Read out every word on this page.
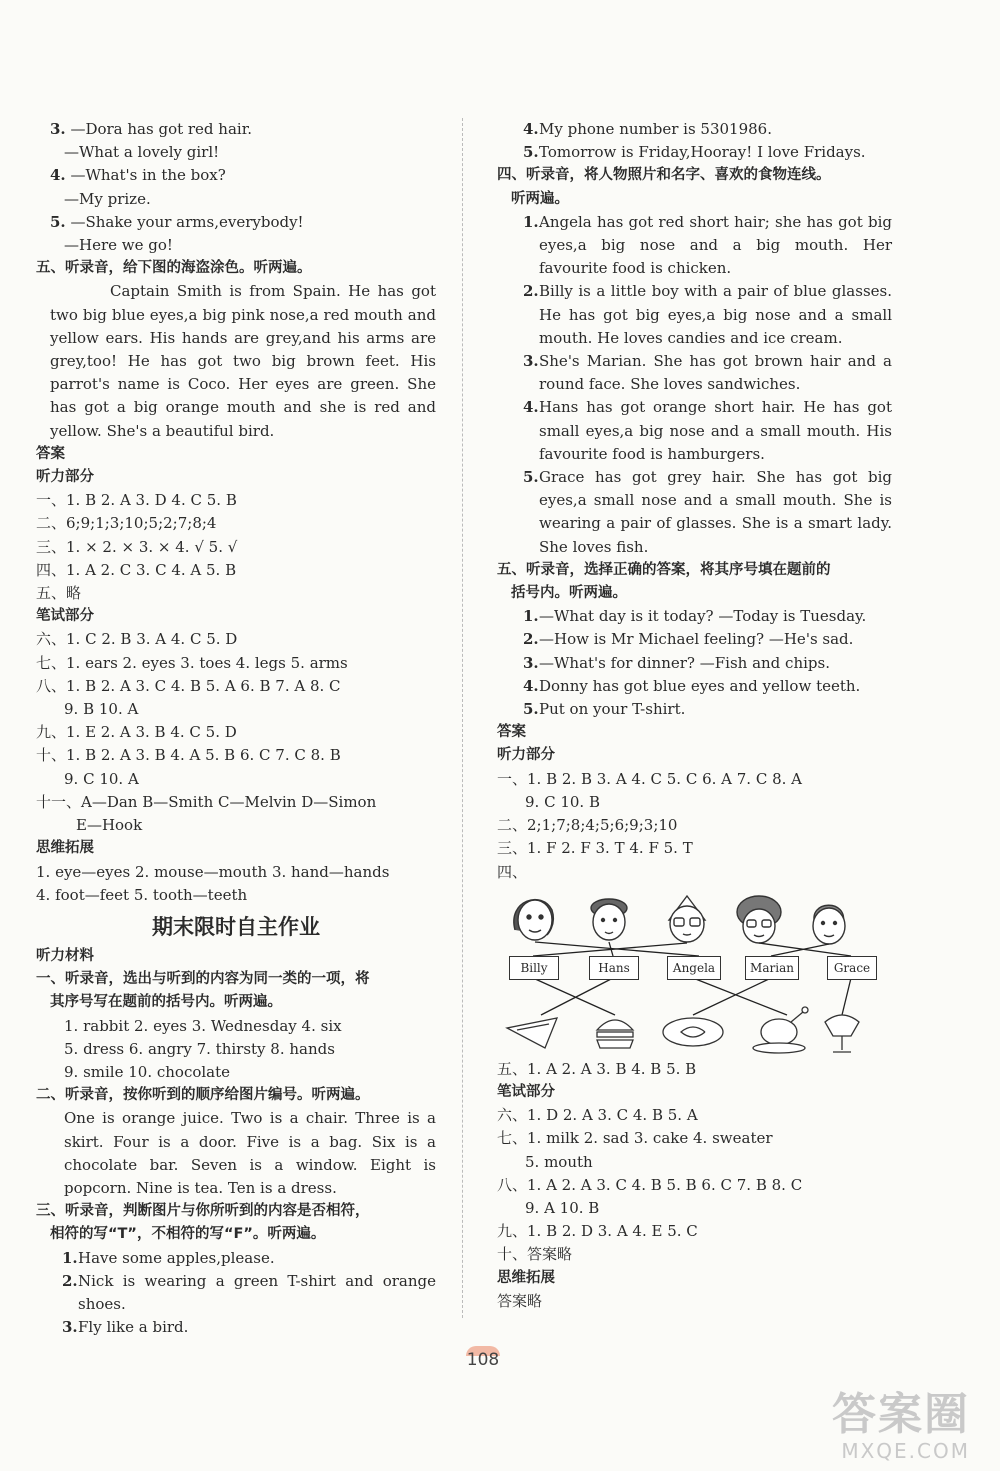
3. —Dora has got red hair.
—What a lovely girl!
4. —What's in the box?
—My prize.
5. —Shake your arms,everybody!
—Here we go!
五、听录音，给下图的海盗涂色。听两遍。
Captain Smith is from Spain. He has got two big blue eyes,a big pink nose,a red mouth and yellow ears. His hands are grey,and his arms are grey,too! He has got two big brown feet. His parrot's name is Coco. Her eyes are green. She has got a big orange mouth and she is red and yellow. She's a beautiful bird.
答案
听力部分
一、1. B 2. A 3. D 4. C 5. B
二、6;9;1;3;10;5;2;7;8;4
三、1. × 2. × 3. × 4. √ 5. √
四、1. A 2. C 3. C 4. A 5. B
五、略
笔试部分
六、1. C 2. B 3. A 4. C 5. D
七、1. ears 2. eyes 3. toes 4. legs 5. arms
八、1. B 2. A 3. C 4. B 5. A 6. B 7. A 8. C
9. B 10. A
九、1. E 2. A 3. B 4. C 5. D
十、1. B 2. A 3. B 4. A 5. B 6. C 7. C 8. B
9. C 10. A
十一、A—Dan B—Smith C—Melvin D—Simon
E—Hook
思维拓展
1. eye—eyes 2. mouse—mouth 3. hand—hands
4. foot—feet 5. tooth—teeth
期末限时自主作业
听力材料
一、听录音，选出与听到的内容为同一类的一项，将
其序号写在题前的括号内。听两遍。
1. rabbit 2. eyes 3. Wednesday 4. six
5. dress 6. angry 7. thirsty 8. hands
9. smile 10. chocolate
二、听录音，按你听到的顺序给图片编号。听两遍。
One is orange juice. Two is a chair. Three is a skirt. Four is a door. Five is a bag. Six is a chocolate bar. Seven is a window. Eight is popcorn. Nine is tea. Ten is a dress.
三、听录音，判断图片与你所听到的内容是否相符，
相符的写“T”，不相符的写“F”。听两遍。
1. Have some apples,please.
2. Nick is wearing a green T-shirt and orange shoes.
3. Fly like a bird.
4. My phone number is 5301986.
5. Tomorrow is Friday,Hooray! I love Fridays.
四、听录音，将人物照片和名字、喜欢的食物连线。
听两遍。
1. Angela has got red short hair; she has got big eyes,a big nose and a big mouth. Her favourite food is chicken.
2. Billy is a little boy with a pair of blue glasses. He has got big eyes,a big nose and a small mouth. He loves candies and ice cream.
3. She's Marian. She has got brown hair and a round face. She loves sandwiches.
4. Hans has got orange short hair. He has got small eyes,a big nose and a small mouth. His favourite food is hamburgers.
5. Grace has got grey hair. She has got big eyes,a small nose and a small mouth. She is wearing a pair of glasses. She is a smart lady. She loves fish.
五、听录音，选择正确的答案，将其序号填在题前的
括号内。听两遍。
1. —What day is it today? —Today is Tuesday.
2. —How is Mr Michael feeling? —He's sad.
3. —What's for dinner? —Fish and chips.
4. Donny has got blue eyes and yellow teeth.
5. Put on your T-shirt.
答案
听力部分
一、1. B 2. B 3. A 4. C 5. C 6. A 7. C 8. A
9. C 10. B
二、2;1;7;8;4;5;6;9;3;10
三、1. F 2. F 3. T 4. F 5. T
四、
Billy	Hans	Angela	Marian	Grace
五、1. A 2. A 3. B 4. B 5. B
笔试部分
六、1. D 2. A 3. C 4. B 5. A
七、1. milk 2. sad 3. cake 4. sweater
5. mouth
八、1. A 2. A 3. C 4. B 5. B 6. C 7. B 8. C
9. A 10. B
九、1. B 2. D 3. A 4. E 5. C
十、答案略
思维拓展
答案略
108
答案圈
MXQE.COM
